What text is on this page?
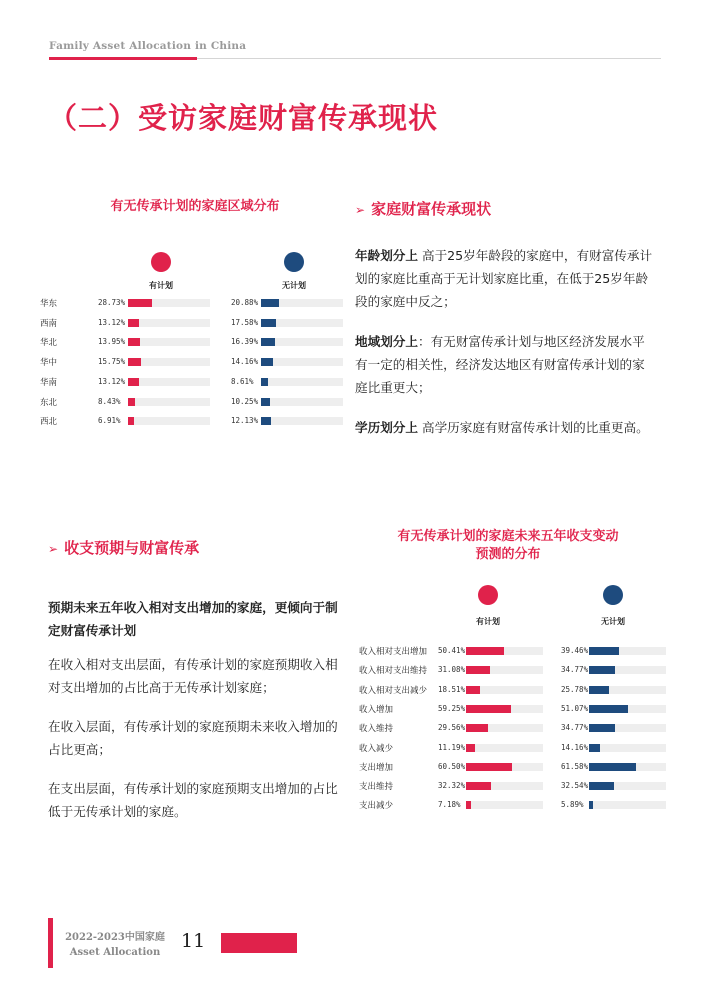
Family Asset Allocation in China
（二）受访家庭财富传承现状
有无传承计划的家庭区域分布
有计划	无计划
华东	28.73%	20.88%
西南	13.12%	17.58%
华北	13.95%	16.39%
华中	15.75%	14.16%
华南	13.12%	8.61%
东北	8.43%	10.25%
西北	6.91%	12.13%
➢ 家庭财富传承现状
年龄划分上 高于25岁年龄段的家庭中，有财富传承计划的家庭比重高于无计划家庭比重，在低于25岁年龄段的家庭中反之；
地域划分上：有无财富传承计划与地区经济发展水平有一定的相关性，经济发达地区有财富传承计划的家庭比重更大；
学历划分上 高学历家庭有财富传承计划的比重更高。
➢ 收支预期与财富传承
预期未来五年收入相对支出增加的家庭，更倾向于制定财富传承计划
在收入相对支出层面，有传承计划的家庭预期收入相对支出增加的占比高于无传承计划家庭；
在收入层面，有传承计划的家庭预期未来收入增加的占比更高；
在支出层面，有传承计划的家庭预期支出增加的占比低于无传承计划的家庭。
有无传承计划的家庭未来五年收支变动
预测的分布
有计划	无计划
收入相对支出增加 50.41%	39.46%
收入相对支出维持 31.08%	34.77%
收入相对支出减少 18.51%	25.78%
收入增加	59.25%	51.07%
收入维持	29.56%	34.77%
收入减少	11.19%	14.16%
支出增加	60.50%	61.58%
支出维持	32.32%	32.54%
支出减少	7.18%	5.89%
2022-2023中国家庭
Asset Allocation
11
